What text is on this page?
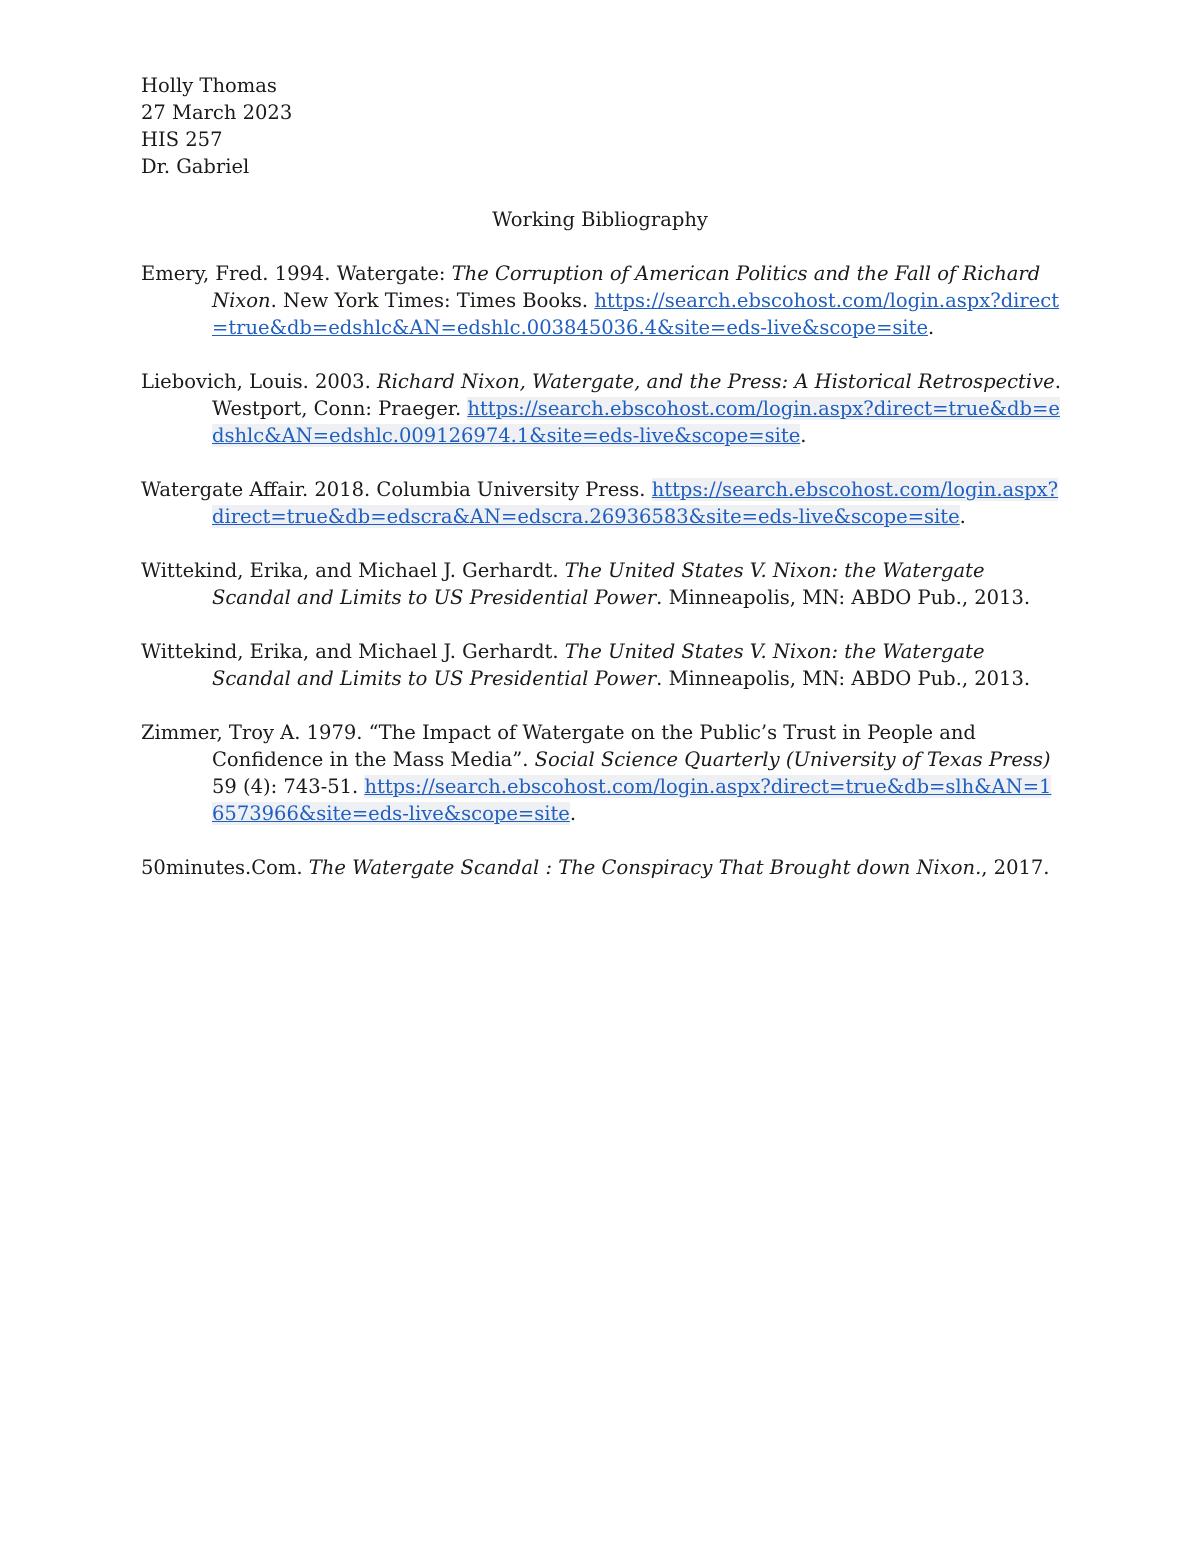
Holly Thomas
27 March 2023
HIS 257
Dr. Gabriel
Working Bibliography

Emery, Fred. 1994. Watergate: The Corruption of American Politics and the Fall of Richard Nixon. New York Times: Times Books. https://search.ebscohost.com/login.aspx?direct=true&db=edshlc&AN=edshlc.003845036.4&site=eds-live&scope=site.

Liebovich, Louis. 2003. Richard Nixon, Watergate, and the Press: A Historical Retrospective. Westport, Conn: Praeger. https://search.ebscohost.com/login.aspx?direct=true&db=edshlc&AN=edshlc.009126974.1&site=eds-live&scope=site.

Watergate Affair. 2018. Columbia University Press. https://search.ebscohost.com/login.aspx?direct=true&db=edscra&AN=edscra.26936583&site=eds-live&scope=site.

Wittekind, Erika, and Michael J. Gerhardt. The United States V. Nixon: the Watergate Scandal and Limits to US Presidential Power. Minneapolis, MN: ABDO Pub., 2013.

Wittekind, Erika, and Michael J. Gerhardt. The United States V. Nixon: the Watergate Scandal and Limits to US Presidential Power. Minneapolis, MN: ABDO Pub., 2013.

Zimmer, Troy A. 1979. “The Impact of Watergate on the Public’s Trust in People and Confidence in the Mass Media”. Social Science Quarterly (University of Texas Press) 59 (4): 743-51. https://search.ebscohost.com/login.aspx?direct=true&db=slh&AN=16573966&site=eds-live&scope=site.

50minutes.Com. The Watergate Scandal : The Conspiracy That Brought down Nixon., 2017.
